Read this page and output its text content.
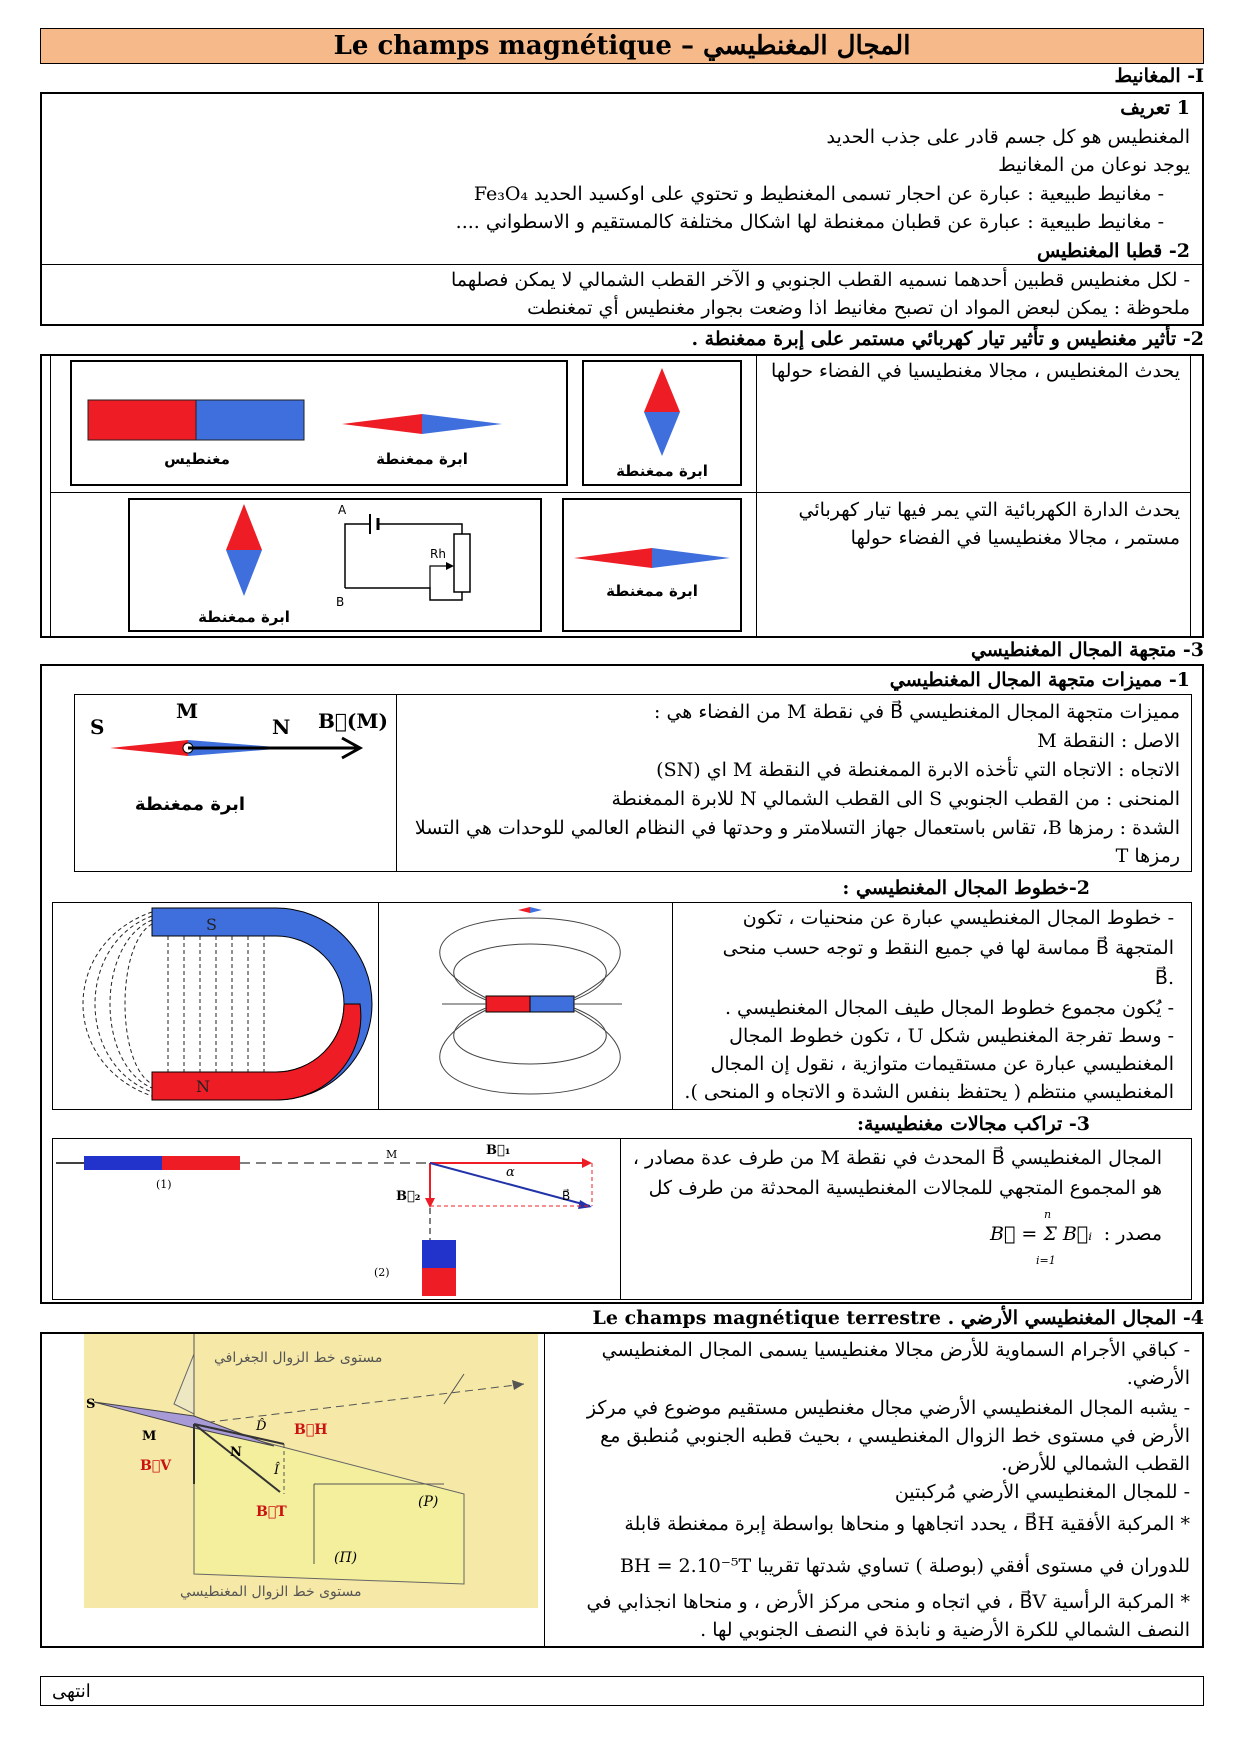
Le champs magnétique – المجال المغنطيسي
I- المغانيط
1 تعريف
المغنطيس هو كل جسم قادر على جذب الحديد
يوجد نوعان من المغانيط
- مغانيط طبيعية : عبارة عن احجار تسمى المغنطيط و تحتوي على اوكسيد الحديد Fe₃O₄
- مغانيط طبيعية : عبارة عن قطبان ممغنطة لها اشكال مختلفة كالمستقيم و الاسطواني ....
2- قطبا المغنطيس
- لكل مغنطيس قطبين أحدهما نسميه القطب الجنوبي و الآخر القطب الشمالي لا يمكن فصلهما
ملحوظة : يمكن لبعض المواد ان تصبح مغانيط اذا وضعت بجوار مغنطيس أي تمغنطت
2- تأثير مغنطيس و تأثير تيار كهربائي مستمر على إبرة ممغنطة .
يحدث المغنطيس ، مجالا مغنطيسيا في الفضاء حولها
يحدث الدارة الكهربائية التي يمر فيها تيار كهربائي
مستمر ، مجالا مغنطيسيا في الفضاء حولها
مغنطيس	ابرة ممغنطة
ابرة ممغنطة
ابرة ممغنطة
A
B
Rh
ابرة ممغنطة
3- متجهة المجال المغنطيسي
1- مميزات متجهة المجال المغنطيسي
مميزات متجهة المجال المغنطيسي B⃗ في نقطة M من الفضاء هي :
الاصل : النقطة M
الاتجاه : الاتجاه التي تأخذه الابرة الممغنطة في النقطة M اي (SN)
المنحنى : من القطب الجنوبي S الى القطب الشمالي N للابرة الممغنطة
الشدة : رمزها B، تقاس باستعمال جهاز التسلامتر و وحدتها في النظام العالمي للوحدات هي التسلا
رمزها T
S
M
N B⃗(M)
ابرة ممغنطة
2-خطوط المجال المغنطيسي :
- خطوط المجال المغنطيسي عبارة عن منحنيات ، تكون
المتجهة B⃗ مماسة لها في جميع النقط و توجه حسب منحى
.B⃗
- يُكون مجموع خطوط المجال طيف المجال المغنطيسي .
- وسط تفرجة المغنطيس شكل U ، تكون خطوط المجال
المغنطيسي عبارة عن مستقيمات متوازية ، نقول إن المجال
المغنطيسي منتظم ( يحتفظ بنفس الشدة و الاتجاه و المنحى ).
S
N
3- تراكب مجالات مغنطيسية:
المجال المغنطيسي B⃗ المحدث في نقطة M من طرف عدة مصادر ،
هو المجموع المتجهي للمجالات المغنطيسية المحدثة من طرف كل
مصدر :
B⃗ = Σ B⃗ᵢ
n
i=1
(1)
M	B⃗₁
B⃗₂	B⃗
α
(2)
4- المجال المغنطيسي الأرضي . Le champs magnétique terrestre
- كباقي الأجرام السماوية للأرض مجالا مغنطيسيا يسمى المجال المغنطيسي
الأرضي.
- يشبه المجال المغنطيسي الأرضي مجال مغنطيس مستقيم موضوع في مركز
الأرض في مستوى خط الزوال المغنطيسي ، بحيث قطبه الجنوبي مُنطبق مع
القطب الشمالي للأرض.
- للمجال المغنطيسي الأرضي مُركبتين
* المركبة الأفقية B⃗H ، يحدد اتجاهها و منحاها بواسطة إبرة ممغنطة قابلة
للدوران في مستوى أفقي (بوصلة ) تساوي شدتها تقريبا BH = 2.10⁻⁵T
* المركبة الرأسية B⃗V ، في اتجاه و منحى مركز الأرض ، و منحاها انجذابي في
النصف الشمالي للكرة الأرضية و نابذة في النصف الجنوبي لها .
مستوى خط الزوال الجغرافي
مستوى خط الزوال المغنطيسي
S
N
M
D̂
Î
B⃗H
B⃗V
B⃗T
(P)
(Π)
انتهى
